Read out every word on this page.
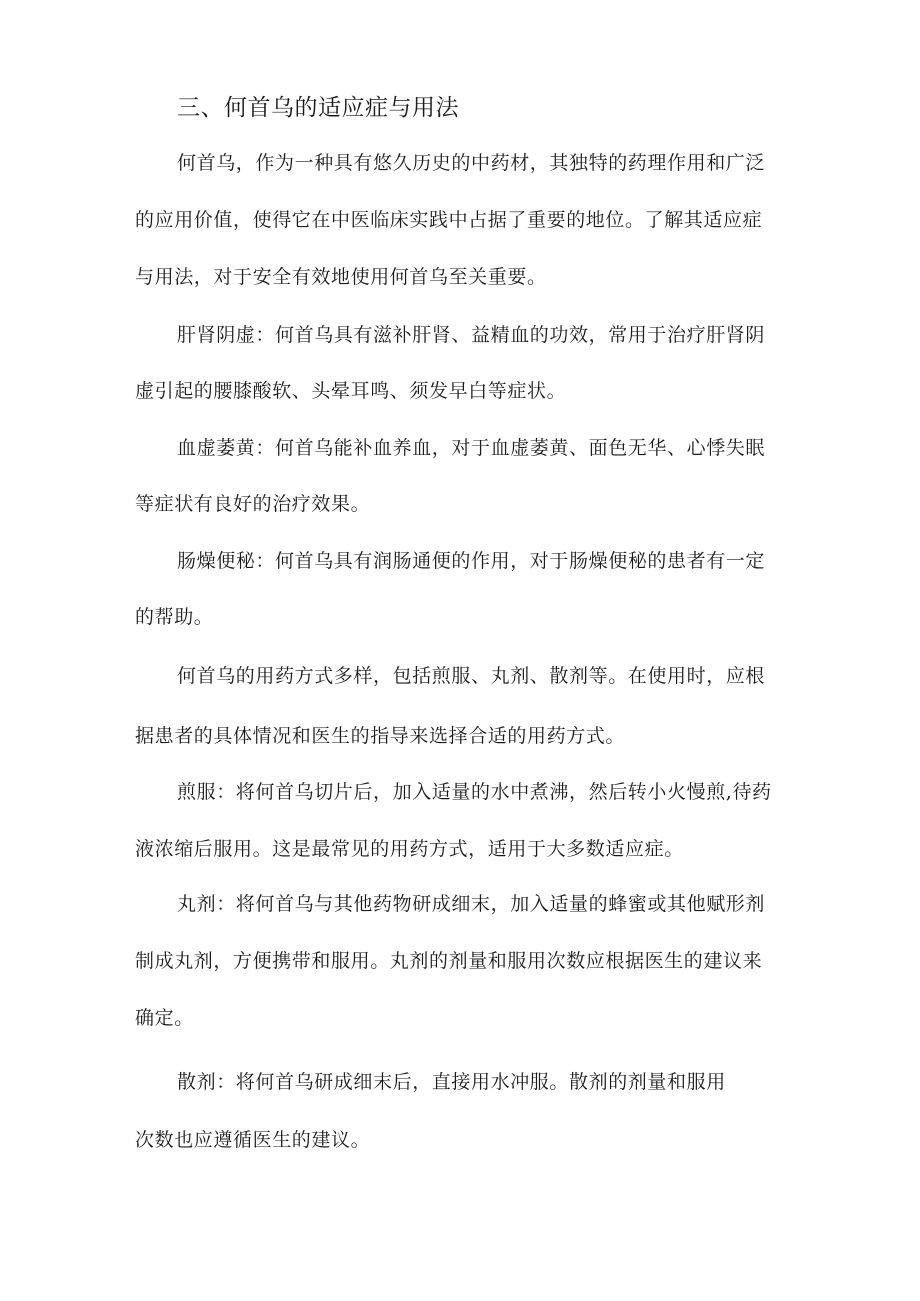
三、何首乌的适应症与用法
何首乌，作为一种具有悠久历史的中药材，其独特的药理作用和广泛
的应用价值，使得它在中医临床实践中占据了重要的地位。了解其适应症
与用法，对于安全有效地使用何首乌至关重要。
肝肾阴虚：何首乌具有滋补肝肾、益精血的功效，常用于治疗肝肾阴
虚引起的腰膝酸软、头晕耳鸣、须发早白等症状。
血虚萎黄：何首乌能补血养血，对于血虚萎黄、面色无华、心悸失眠
等症状有良好的治疗效果。
肠燥便秘：何首乌具有润肠通便的作用，对于肠燥便秘的患者有一定
的帮助。
何首乌的用药方式多样，包括煎服、丸剂、散剂等。在使用时，应根
据患者的具体情况和医生的指导来选择合适的用药方式。
煎服：将何首乌切片后，加入适量的水中煮沸，然后转小火慢煎,待药
液浓缩后服用。这是最常见的用药方式，适用于大多数适应症。
丸剂：将何首乌与其他药物研成细末，加入适量的蜂蜜或其他赋形剂
制成丸剂，方便携带和服用。丸剂的剂量和服用次数应根据医生的建议来
确定。
散剂：将何首乌研成细末后，直接用水冲服。散剂的剂量和服用
次数也应遵循医生的建议。
